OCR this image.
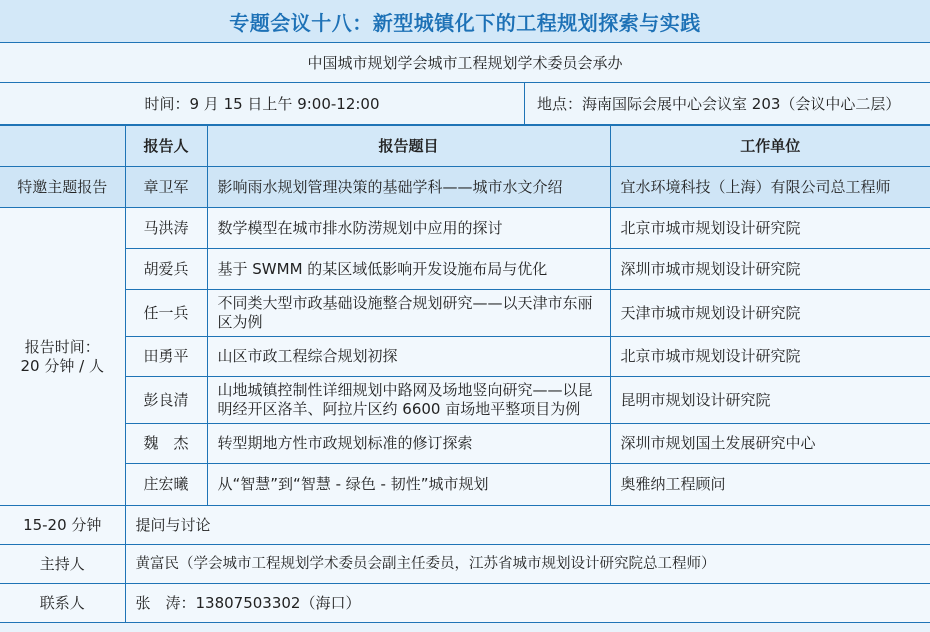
专题会议十八：新型城镇化下的工程规划探索与实践
中国城市规划学会城市工程规划学术委员会承办
时间：9 月 15 日上午 9:00-12:00	地点：海南国际会展中心会议室 203（会议中心二层）
	报告人	报告题目	工作单位
特邀主题报告	章卫军	影响雨水规划管理决策的基础学科——城市水文介绍	宜水环境科技（上海）有限公司总工程师

报告时间：
20 分钟 / 人	马洪涛	数学模型在城市排水防涝规划中应用的探讨	北京市城市规划设计研究院
	胡爱兵	基于 SWMM 的某区域低影响开发设施布局与优化	深圳市城市规划设计研究院
	任一兵	不同类大型市政基础设施整合规划研究——以天津市东丽区为例	天津市城市规划设计研究院
	田勇平	山区市政工程综合规划初探	北京市城市规划设计研究院
	彭良清	山地城镇控制性详细规划中路网及场地竖向研究——以昆明经开区洛羊、阿拉片区约 6600 亩场地平整项目为例	昆明市规划设计研究院
	魏　杰	转型期地方性市政规划标准的修订探索	深圳市规划国土发展研究中心
	庄宏曦	从“智慧”到“智慧 - 绿色 - 韧性”城市规划	奥雅纳工程顾问
15-20 分钟	提问与讨论		
主持人	黄富民（学会城市工程规划学术委员会副主任委员，江苏省城市规划设计研究院总工程师）		
联系人	张　涛：13807503302（海口）		
